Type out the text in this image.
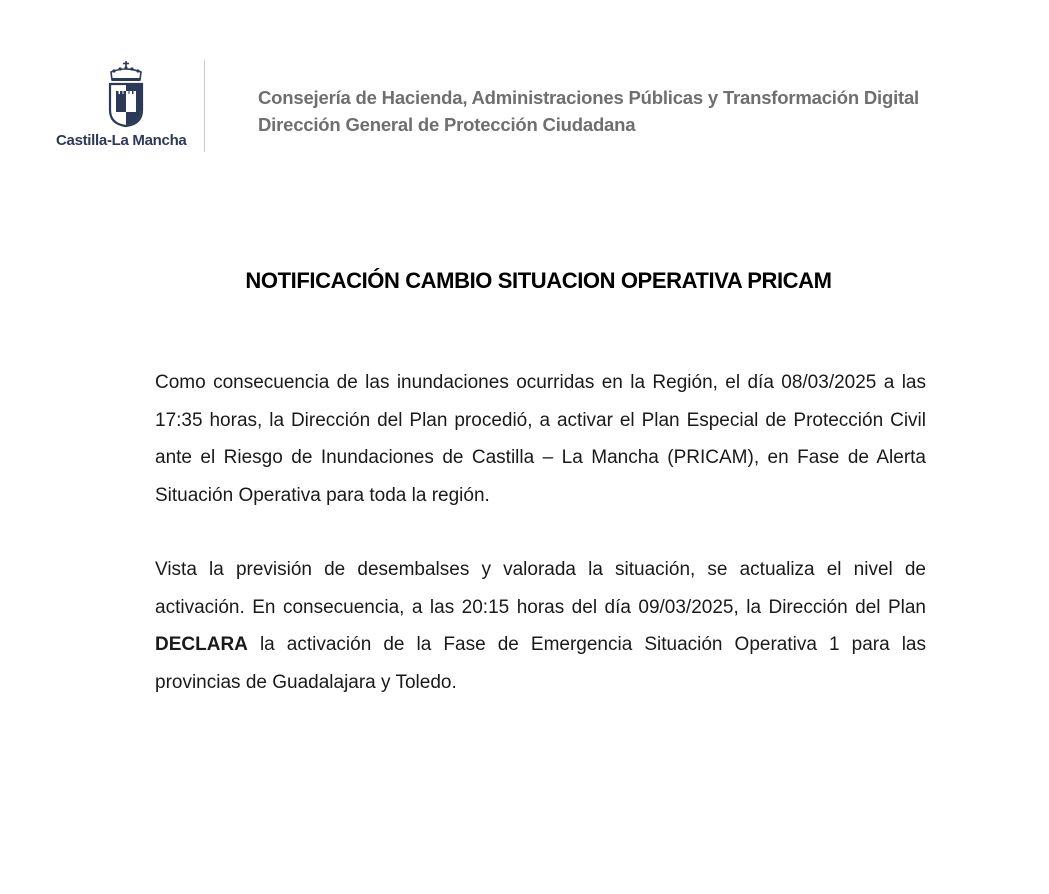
Castilla-La Mancha
Consejería de Hacienda, Administraciones Públicas y Transformación Digital
Dirección General de Protección Ciudadana
NOTIFICACIÓN CAMBIO SITUACION OPERATIVA PRICAM
Como consecuencia de las inundaciones ocurridas en la Región, el día 08/03/2025 a las 17:35 horas, la Dirección del Plan procedió, a activar el Plan Especial de Protección Civil ante el Riesgo de Inundaciones de Castilla – La Mancha (PRICAM), en Fase de Alerta Situación Operativa para toda la región.
Vista la previsión de desembalses y valorada la situación, se actualiza el nivel de activación. En consecuencia, a las 20:15 horas del día 09/03/2025, la Dirección del Plan DECLARA la activación de la Fase de Emergencia Situación Operativa 1 para las provincias de Guadalajara y Toledo.
